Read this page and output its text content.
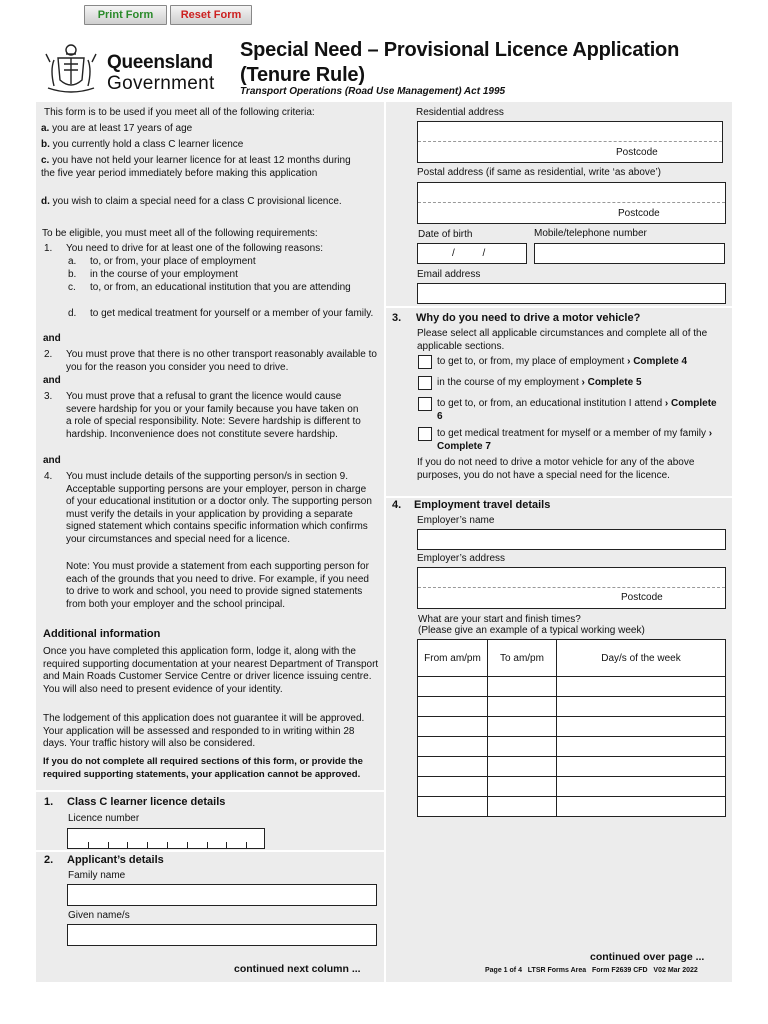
Print Form	Reset Form
Queensland
Government
Special Need – Provisional Licence Application (Tenure Rule)
Transport Operations (Road Use Management) Act 1995
This form is to be used if you meet all of the following criteria:
a. you are at least 17 years of age
b. you currently hold a class C learner licence
c. you have not held your learner licence for at least 12 months during the five year period immediately before making this application
d. you wish to claim a special need for a class C provisional licence.
To be eligible, you must meet all of the following requirements:
1. You need to drive for at least one of the following reasons:
a. to, or from, your place of employment
b. in the course of your employment
c. to, or from, an educational institution that you are attending
d. to get medical treatment for yourself or a member of your family.
and
2. You must prove that there is no other transport reasonably available to you for the reason you consider you need to drive.
and
3. You must prove that a refusal to grant the licence would cause severe hardship for you or your family because you have taken on a role of special responsibility. Note: Severe hardship is different to hardship. Inconvenience does not constitute severe hardship.
and
4. You must include details of the supporting person/s in section 9. Acceptable supporting persons are your employer, person in charge of your educational institution or a doctor only. The supporting person must verify the details in your application by providing a separate signed statement which contains specific information which confirms your circumstances and special need for a licence.
Note: You must provide a statement from each supporting person for each of the grounds that you need to drive. For example, if you need to drive to work and school, you need to provide signed statements from both your employer and the school principal.
Additional information
Once you have completed this application form, lodge it, along with the required supporting documentation at your nearest Department of Transport and Main Roads Customer Service Centre or driver licence issuing centre. You will also need to present evidence of your identity.
The lodgement of this application does not guarantee it will be approved. Your application will be assessed and responded to in writing within 28 days. Your traffic history will also be considered.
If you do not complete all required sections of this form, or provide the required supporting statements, your application cannot be approved.
1. Class C learner licence details
Licence number
2. Applicant’s details
Family name
Given name/s
continued next column ...
Residential address
Postcode
Postal address (if same as residential, write ‘as above’)
Postcode
Date of birth
/          /
Mobile/telephone number
Email address
3. Why do you need to drive a motor vehicle?
Please select all applicable circumstances and complete all of the applicable sections.
to get to, or from, my place of employment › Complete 4
in the course of my employment › Complete 5
to get to, or from, an educational institution I attend › Complete 6
to get medical treatment for myself or a member of my family › Complete 7
If you do not need to drive a motor vehicle for any of the above purposes, you do not have a special need for the licence.
4. Employment travel details
Employer’s name
Employer’s address
Postcode
What are your start and finish times?
(Please give an example of a typical working week)
From am/pm	To am/pm	Day/s of the week

continued over page ...
Page 1 of 4   LTSR Forms Area   Form F2639 CFD   V02 Mar 2022
